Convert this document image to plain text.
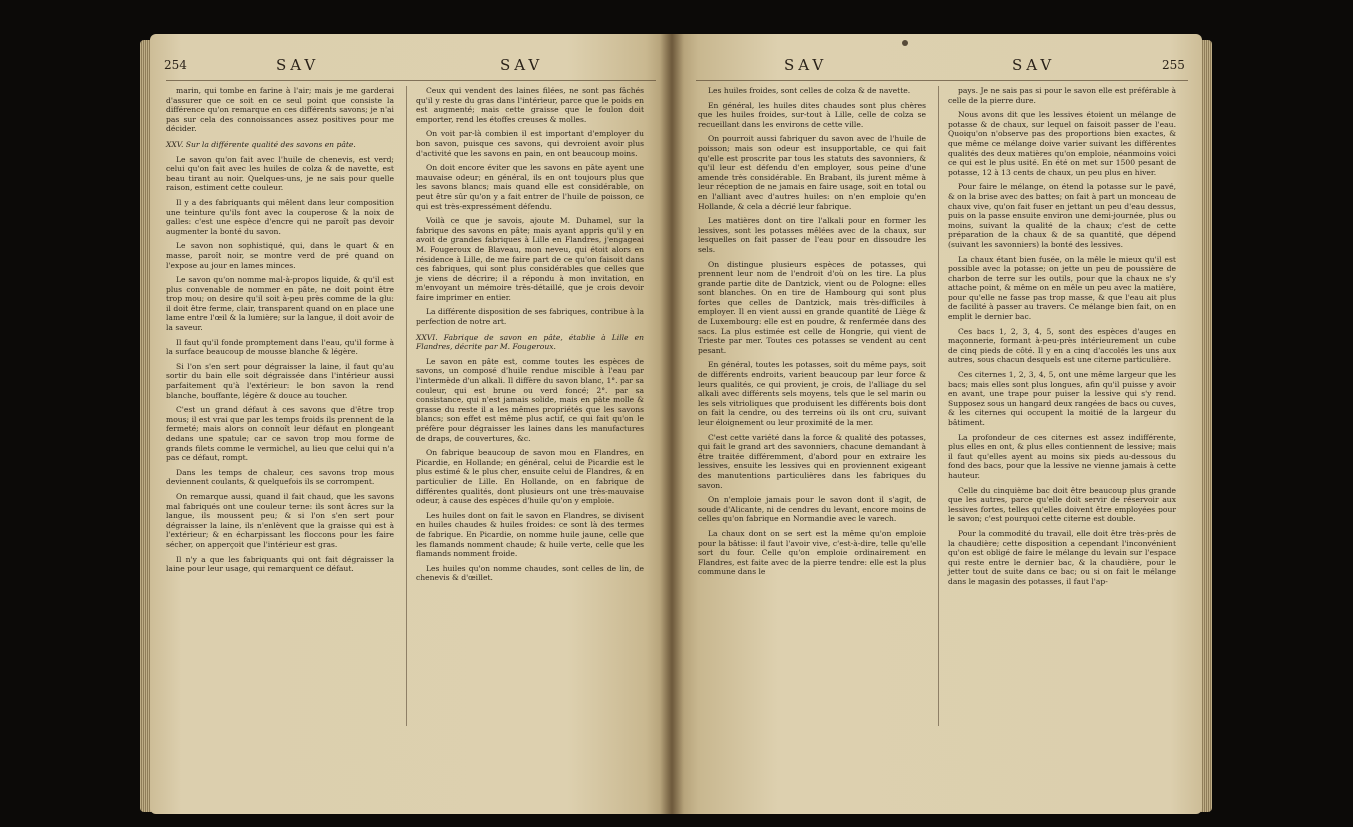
254	SAV	SAV

marin, qui tombe en farine à l'air; mais je me garderai d'assurer que ce soit en ce seul point que consiste la différence qu'on remarque en ces différents savons; je n'ai pas sur cela des connoissances assez positives pour me décider.

XXV. Sur la différente qualité des savons en pâte.

Le savon qu'on fait avec l'huile de chenevis, est verd; celui qu'on fait avec les huiles de colza & de navette, est beau tirant au noir. Quelques-uns, je ne sais pour quelle raison, estiment cette couleur.

Il y a des fabriquants qui mêlent dans leur composition une teinture qu'ils font avec la couperose & la noix de galles: c'est une espèce d'encre qui ne paroît pas devoir augmenter la bonté du savon.

Le savon non sophistiqué, qui, dans le quart & en masse, paroît noir, se montre verd de pré quand on l'expose au jour en lames minces.

Le savon qu'on nomme mal-à-propos liquide, & qu'il est plus convenable de nommer en pâte, ne doit point être trop mou; on desire qu'il soit à-peu près comme de la glu: il doit être ferme, clair, transparent quand on en place une lame entre l'œil & la lumière; sur la langue, il doit avoir de la saveur.

Il faut qu'il fonde promptement dans l'eau, qu'il forme à la surface beaucoup de mousse blanche & légère.

Si l'on s'en sert pour dégraisser la laine, il faut qu'au sortir du bain elle soit dégraissée dans l'intérieur aussi parfaitement qu'à l'extérieur: le bon savon la rend blanche, bouffante, légère & douce au toucher.

C'est un grand défaut à ces savons que d'être trop mous; il est vrai que par les temps froids ils prennent de la fermeté; mais alors on connoît leur défaut en plongeant dedans une spatule; car ce savon trop mou forme de grands filets comme le vermichel, au lieu que celui qui n'a pas ce défaut, rompt.

Dans les temps de chaleur, ces savons trop mous deviennent coulants, & quelquefois ils se corrompent.

On remarque aussi, quand il fait chaud, que les savons mal fabriqués ont une couleur terne: ils sont âcres sur la langue, ils moussent peu; & si l'on s'en sert pour dégraisser la laine, ils n'enlèvent que la graisse qui est à l'extérieur; & en écharpissant les floccons pour les faire sécher, on apperçoit que l'intérieur est gras.

Il n'y a que les fabriquants qui ont fait dégraisser la laine pour leur usage, qui remarquent ce défaut.

Ceux qui vendent des laines filées, ne sont pas fâchés qu'il y reste du gras dans l'intérieur, parce que le poids en est augmenté; mais cette graisse que le foulon doit emporter, rend les étoffes creuses & molles.

On voit par-là combien il est important d'employer du bon savon, puisque ces savons, qui devroient avoir plus d'activité que les savons en pain, en ont beaucoup moins.

On doit encore éviter que les savons en pâte ayent une mauvaise odeur; en général, ils en ont toujours plus que les savons blancs; mais quand elle est considérable, on peut être sûr qu'on y a fait entrer de l'huile de poisson, ce qui est très-expressément défendu.

Voilà ce que je savois, ajoute M. Duhamel, sur la fabrique des savons en pâte; mais ayant appris qu'il y en avoit de grandes fabriques à Lille en Flandres, j'engageai M. Fougeroux de Blaveau, mon neveu, qui étoit alors en résidence à Lille, de me faire part de ce qu'on faisoit dans ces fabriques, qui sont plus considérables que celles que je viens de décrire; il a répondu à mon invitation, en m'envoyant un mémoire très-détaillé, que je crois devoir faire imprimer en entier.

La différente disposition de ses fabriques, contribue à la perfection de notre art.

XXVI. Fabrique de savon en pâte, établie à Lille en Flandres, décrite par M. Fougeroux.

Le savon en pâte est, comme toutes les espèces de savons, un composé d'huile rendue miscible à l'eau par l'intermède d'un alkali. Il diffère du savon blanc, 1°. par sa couleur, qui est brune ou verd foncé; 2°. par sa consistance, qui n'est jamais solide, mais en pâte molle & grasse du reste il a les mêmes propriétés que les savons blancs; son effet est même plus actif, ce qui fait qu'on le préfère pour dégraisser les laines dans les manufactures de draps, de couvertures, &c.

On fabrique beaucoup de savon mou en Flandres, en Picardie, en Hollande; en général, celui de Picardie est le plus estimé & le plus cher, ensuite celui de Flandres, & en particulier de Lille. En Hollande, on en fabrique de différentes qualités, dont plusieurs ont une très-mauvaise odeur, à cause des espèces d'huile qu'on y emploie.

Les huiles dont on fait le savon en Flandres, se divisent en huiles chaudes & huiles froides: ce sont là des termes de fabrique. En Picardie, on nomme huile jaune, celle que les flamands nomment chaude; & huile verte, celle que les flamands nomment froide.

Les huiles qu'on nomme chaudes, sont celles de lin, de chenevis & d'œillet.

SAV	SAV	255

Les huiles froides, sont celles de colza & de navette.

En général, les huiles dites chaudes sont plus chères que les huiles froides, sur-tout à Lille, celle de colza se recueillant dans les environs de cette ville.

On pourroit aussi fabriquer du savon avec de l'huile de poisson; mais son odeur est insupportable, ce qui fait qu'elle est proscrite par tous les statuts des savonniers, & qu'il leur est défendu d'en employer, sous peine d'une amende très considérable. En Brabant, ils jurent même à leur réception de ne jamais en faire usage, soit en total ou en l'alliant avec d'autres huiles: on n'en emploie qu'en Hollande, & cela a décrié leur fabrique.

Les matières dont on tire l'alkali pour en former les lessives, sont les potasses mêlées avec de la chaux, sur lesquelles on fait passer de l'eau pour en dissoudre les sels.

On distingue plusieurs espèces de potasses, qui prennent leur nom de l'endroit d'où on les tire. La plus grande partie dite de Dantzick, vient ou de Pologne: elles sont blanches. On en tire de Hambourg qui sont plus fortes que celles de Dantzick, mais très-difficiles à employer. Il en vient aussi en grande quantité de Liège & de Luxembourg: elle est en poudre, & renfermée dans des sacs. La plus estimée est celle de Hongrie, qui vient de Trieste par mer. Toutes ces potasses se vendent au cent pesant.

En général, toutes les potasses, soit du même pays, soit de différents endroits, varient beaucoup par leur force & leurs qualités, ce qui provient, je crois, de l'alliage du sel alkali avec différents sels moyens, tels que le sel marin ou les sels vitrioliques que produisent les différents bois dont on fait la cendre, ou des terreins où ils ont cru, suivant leur éloignement ou leur proximité de la mer.

C'est cette variété dans la force & qualité des potasses, qui fait le grand art des savonniers, chacune demandant à être traitée différemment, d'abord pour en extraire les lessives, ensuite les lessives qui en proviennent exigeant des manutentions particulières dans les fabriques du savon.

On n'emploie jamais pour le savon dont il s'agit, de soude d'Alicante, ni de cendres du levant, encore moins de celles qu'on fabrique en Normandie avec le varech.

La chaux dont on se sert est la même qu'on emploie pour la bâtisse: il faut l'avoir vive, c'est-à-dire, telle qu'elle sort du four. Celle qu'on emploie ordinairement en Flandres, est faite avec de la pierre tendre: elle est la plus commune dans le

pays. Je ne sais pas si pour le savon elle est préférable à celle de la pierre dure.

Nous avons dit que les lessives étoient un mélange de potasse & de chaux, sur lequel on faisoit passer de l'eau. Quoiqu'on n'observe pas des proportions bien exactes, & que même ce mélange doive varier suivant les différentes qualités des deux matières qu'on emploie, néanmoins voici ce qui est le plus usité. En été on met sur 1500 pesant de potasse, 12 à 13 cents de chaux, un peu plus en hiver.

Pour faire le mélange, on étend la potasse sur le pavé, & on la brise avec des battes; on fait à part un monceau de chaux vive, qu'on fait fuser en jettant un peu d'eau dessus, puis on la passe ensuite environ une demi-journée, plus ou moins, suivant la qualité de la chaux; c'est de cette préparation de la chaux & de sa quantité, que dépend (suivant les savonniers) la bonté des lessives.

La chaux étant bien fusée, on la mêle le mieux qu'il est possible avec la potasse; on jette un peu de poussière de charbon de terre sur les outils, pour que la chaux ne s'y attache point, & même on en mêle un peu avec la matière, pour qu'elle ne fasse pas trop masse, & que l'eau ait plus de facilité à passer au travers. Ce mélange bien fait, on en emplit le dernier bac.

Ces bacs 1, 2, 3, 4, 5, sont des espèces d'auges en maçonnerie, formant à-peu-près intérieurement un cube de cinq pieds de côté. Il y en a cinq d'accolés les uns aux autres, sous chacun desquels est une citerne particulière.

Ces citernes 1, 2, 3, 4, 5, ont une même largeur que les bacs; mais elles sont plus longues, afin qu'il puisse y avoir en avant, une trape pour puiser la lessive qui s'y rend. Supposez sous un hangard deux rangées de bacs ou cuves, & les citernes qui occupent la moitié de la largeur du bâtiment.

La profondeur de ces citernes est assez indifférente, plus elles en ont, & plus elles contiennent de lessive; mais il faut qu'elles ayent au moins six pieds au-dessous du fond des bacs, pour que la lessive ne vienne jamais à cette hauteur.

Celle du cinquième bac doit être beaucoup plus grande que les autres, parce qu'elle doit servir de réservoir aux lessives fortes, telles qu'elles doivent être employées pour le savon; c'est pourquoi cette citerne est double.

Pour la commodité du travail, elle doit être très-près de la chaudière; cette disposition a cependant l'inconvénient qu'on est obligé de faire le mélange du levain sur l'espace qui reste entre le dernier bac, & la chaudière, pour le jetter tout de suite dans ce bac; ou si on fait le mélange dans le magasin des potasses, il faut l'ap-
